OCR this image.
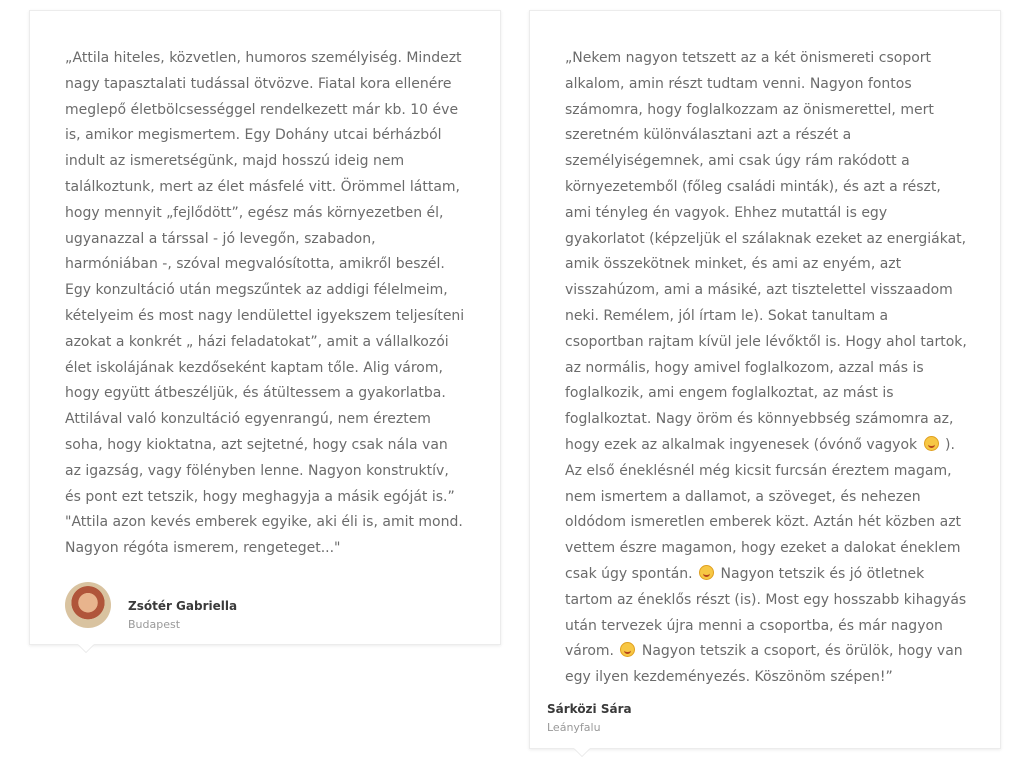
„Attila hiteles, közvetlen, humoros személyiség. Mindezt nagy tapasztalati tudással ötvözve. Fiatal kora ellenére meglepő életbölcsességgel rendelkezett már kb. 10 éve is, amikor megismertem. Egy Dohány utcai bérházból indult az ismeretségünk, majd hosszú ideig nem találkoztunk, mert az élet másfelé vitt. Örömmel láttam, hogy mennyit „fejlődött”, egész más környezetben él, ugyanazzal a társsal - jó levegőn, szabadon, harmóniában -, szóval megvalósította, amikről beszél. Egy konzultáció után megszűntek az addigi félelmeim, kételyeim és most nagy lendülettel igyekszem teljesíteni azokat a konkrét „ házi feladatokat”, amit a vállalkozói élet iskolájának kezdőseként kaptam tőle. Alig várom, hogy együtt átbeszéljük, és átültessem a gyakorlatba. Attilával való konzultáció egyenrangú, nem éreztem soha, hogy kioktatna, azt sejtetné, hogy csak nála van az igazság, vagy fölényben lenne. Nagyon konstruktív, és pont ezt tetszik, hogy meghagyja a másik egóját is.” "Attila azon kevés emberek egyike, aki éli is, amit mond. Nagyon régóta ismerem, rengeteget..."

Zsótér Gabriella
Budapest

„Nekem nagyon tetszett az a két önismereti csoport alkalom, amin részt tudtam venni. Nagyon fontos számomra, hogy foglalkozzam az önismerettel, mert szeretném különválasztani azt a részét a személyiségemnek, ami csak úgy rám rakódott a környezetemből (főleg családi minták), és azt a részt, ami tényleg én vagyok. Ehhez mutattál is egy gyakorlatot (képzeljük el szálaknak ezeket az energiákat, amik összekötnek minket, és ami az enyém, azt visszahúzom, ami a másiké, azt tisztelettel visszaadom neki. Remélem, jól írtam le). Sokat tanultam a csoportban rajtam kívül jele lévőktől is. Hogy ahol tartok, az normális, hogy amivel foglalkozom, azzal más is foglalkozik, ami engem foglalkoztat, az mást is foglalkoztat. Nagy öröm és könnyebbség számomra az, hogy ezek az alkalmak ingyenesek (óvónő vagyok  ). Az első éneklésnél még kicsit furcsán éreztem magam, nem ismertem a dallamot, a szöveget, és nehezen oldódom ismeretlen emberek közt. Aztán hét közben azt vettem észre magamon, hogy ezeket a dalokat éneklem csak úgy spontán.  Nagyon tetszik és jó ötletnek tartom az éneklős részt (is). Most egy hosszabb kihagyás után tervezek újra menni a csoportba, és már nagyon várom.  Nagyon tetszik a csoport, és örülök, hogy van egy ilyen kezdeményezés. Köszönöm szépen!”

Sárközi Sára
Leányfalu
